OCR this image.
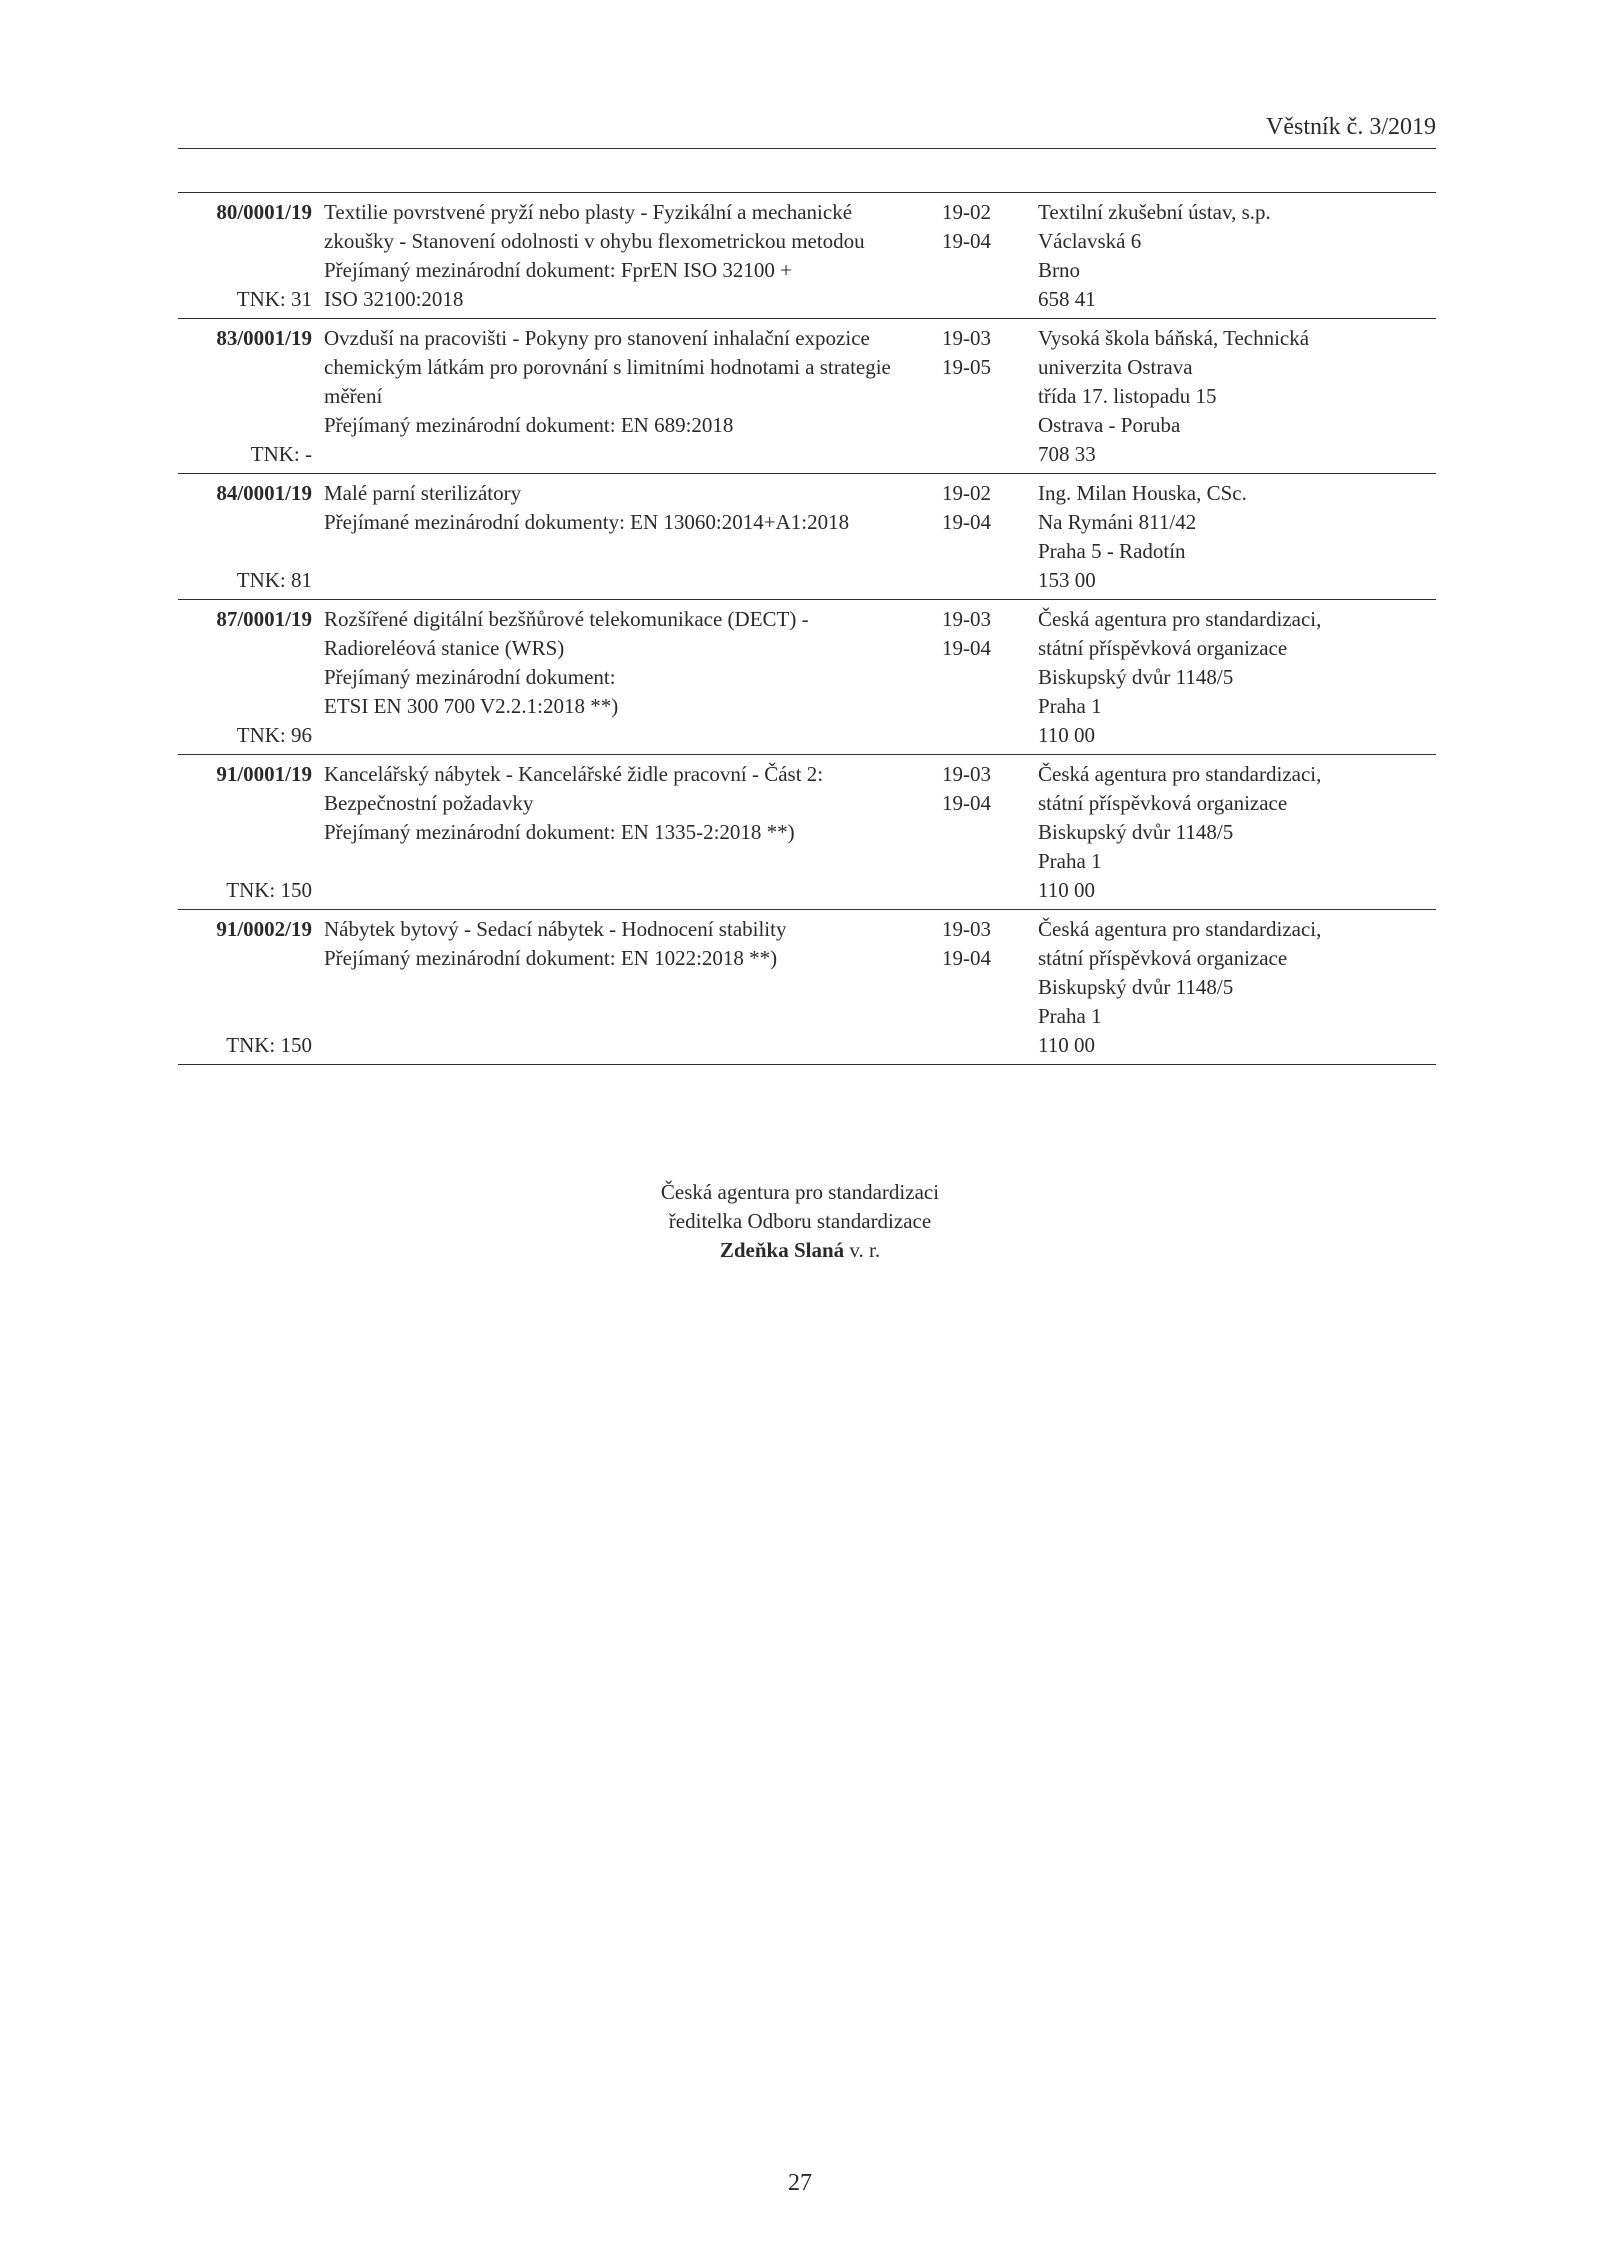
Věstník č. 3/2019
80/0001/19
TNK: 31
Textilie povrstvené pryží nebo plasty - Fyzikální a mechanické
zkoušky - Stanovení odolnosti v ohybu flexometrickou metodou
Přejímaný mezinárodní dokument: FprEN ISO 32100 +
ISO 32100:2018
19-02
19-04
Textilní zkušební ústav, s.p.
Václavská 6
Brno
658 41
83/0001/19
TNK: -
Ovzduší na pracovišti - Pokyny pro stanovení inhalační expozice
chemickým látkám pro porovnání s limitními hodnotami a strategie
měření
Přejímaný mezinárodní dokument: EN 689:2018
19-03
19-05
Vysoká škola báňská, Technická
univerzita Ostrava
třída 17. listopadu 15
Ostrava - Poruba
708 33
84/0001/19
TNK: 81
Malé parní sterilizátory
Přejímané mezinárodní dokumenty: EN 13060:2014+A1:2018
19-02
19-04
Ing. Milan Houska, CSc.
Na Rymáni 811/42
Praha 5 - Radotín
153 00
87/0001/19
TNK: 96
Rozšířené digitální bezšňůrové telekomunikace (DECT) -
Radioreléová stanice (WRS)
Přejímaný mezinárodní dokument:
ETSI EN 300 700 V2.2.1:2018 **)
19-03
19-04
Česká agentura pro standardizaci,
státní příspěvková organizace
Biskupský dvůr 1148/5
Praha 1
110 00
91/0001/19
TNK: 150
Kancelářský nábytek - Kancelářské židle pracovní - Část 2:
Bezpečnostní požadavky
Přejímaný mezinárodní dokument: EN 1335-2:2018 **)
19-03
19-04
Česká agentura pro standardizaci,
státní příspěvková organizace
Biskupský dvůr 1148/5
Praha 1
110 00
91/0002/19
TNK: 150
Nábytek bytový - Sedací nábytek - Hodnocení stability
Přejímaný mezinárodní dokument: EN 1022:2018 **)
19-03
19-04
Česká agentura pro standardizaci,
státní příspěvková organizace
Biskupský dvůr 1148/5
Praha 1
110 00
Česká agentura pro standardizaci
ředitelka Odboru standardizace
Zdeňka Slaná v. r.
27
